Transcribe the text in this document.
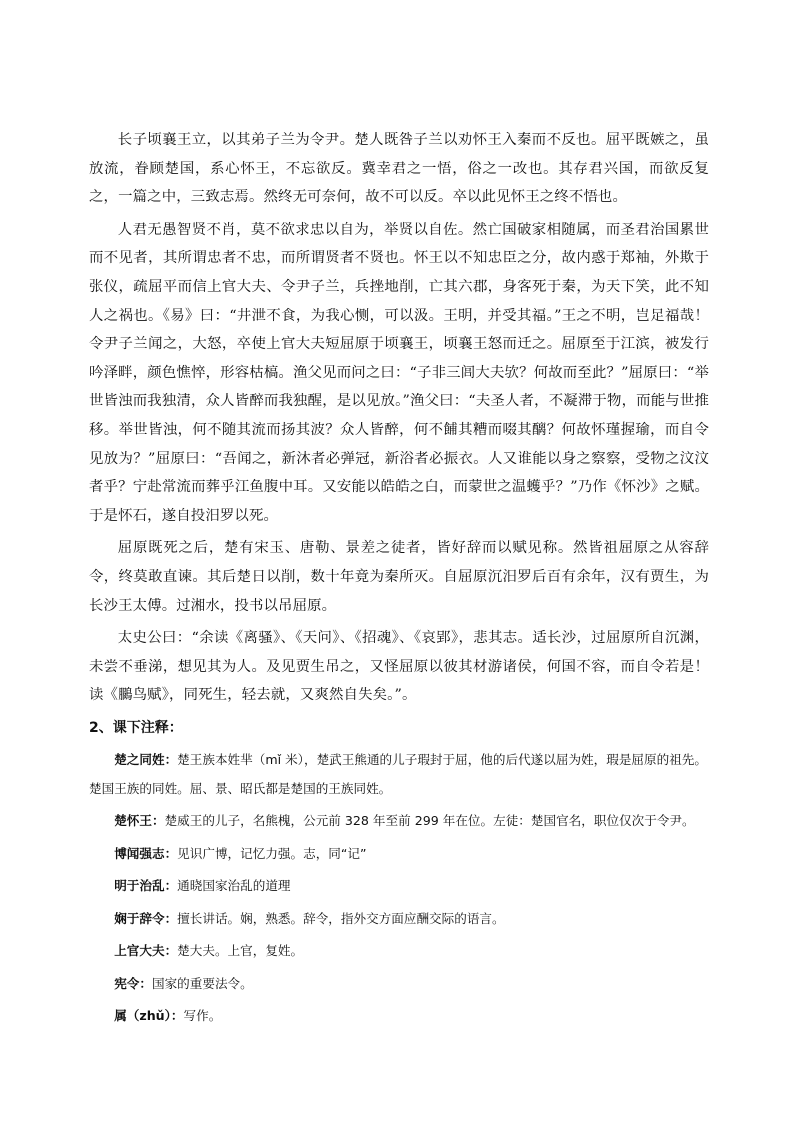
长子顷襄王立，以其弟子兰为令尹。楚人既咎子兰以劝怀王入秦而不反也。屈平既嫉之，虽放流，眷顾楚国，系心怀王，不忘欲反。冀幸君之一悟，俗之一改也。其存君兴国，而欲反复之，一篇之中，三致志焉。然终无可奈何，故不可以反。卒以此见怀王之终不悟也。

人君无愚智贤不肖，莫不欲求忠以自为，举贤以自佐。然亡国破家相随属，而圣君治国累世而不见者，其所谓忠者不忠，而所谓贤者不贤也。怀王以不知忠臣之分，故内惑于郑袖，外欺于张仪，疏屈平而信上官大夫、令尹子兰，兵挫地削，亡其六郡，身客死于秦，为天下笑，此不知人之祸也。《易》曰：“井泄不食，为我心恻，可以汲。王明，并受其福。”王之不明，岂足福哉！令尹子兰闻之，大怒，卒使上官大夫短屈原于顷襄王，顷襄王怒而迁之。屈原至于江滨，被发行吟泽畔，颜色憔悴，形容枯槁。渔父见而问之曰：“子非三闾大夫欤？何故而至此？”屈原曰：“举世皆浊而我独清，众人皆醉而我独醒，是以见放。”渔父曰：“夫圣人者，不凝滞于物，而能与世推移。举世皆浊，何不随其流而扬其波？众人皆醉，何不餔其糟而啜其醨？何故怀瑾握瑜，而自令见放为？”屈原曰：“吾闻之，新沐者必弹冠，新浴者必振衣。人又谁能以身之察察，受物之汶汶者乎？宁赴常流而葬乎江鱼腹中耳。又安能以皓皓之白，而蒙世之温蠖乎？”乃作《怀沙》之赋。于是怀石，遂自投汨罗以死。

屈原既死之后，楚有宋玉、唐勒、景差之徒者，皆好辞而以赋见称。然皆祖屈原之从容辞令，终莫敢直谏。其后楚日以削，数十年竟为秦所灭。自屈原沉汨罗后百有余年，汉有贾生，为长沙王太傅。过湘水，投书以吊屈原。

太史公曰：“余读《离骚》、《天问》、《招魂》、《哀郢》，悲其志。适长沙，过屈原所自沉渊，未尝不垂涕，想见其为人。及见贾生吊之，又怪屈原以彼其材游诸侯，何国不容，而自令若是！读《鵩鸟赋》，同死生，轻去就，又爽然自失矣。”。

2、课下注释：
楚之同姓：楚王族本姓芈（mǐ 米），楚武王熊通的儿子瑕封于屈，他的后代遂以屈为姓，瑕是屈原的祖先。楚国王族的同姓。屈、景、昭氏都是楚国的王族同姓。
楚怀王：楚威王的儿子，名熊槐，公元前 328 年至前 299 年在位。左徒：楚国官名，职位仅次于令尹。
博闻强志：见识广博，记忆力强。志，同“记”
明于治乱：通晓国家治乱的道理
娴于辞令：擅长讲话。娴，熟悉。辞令，指外交方面应酬交际的语言。
上官大夫：楚大夫。上官，复姓。
宪令：国家的重要法令。
属（zhǔ）：写作。
